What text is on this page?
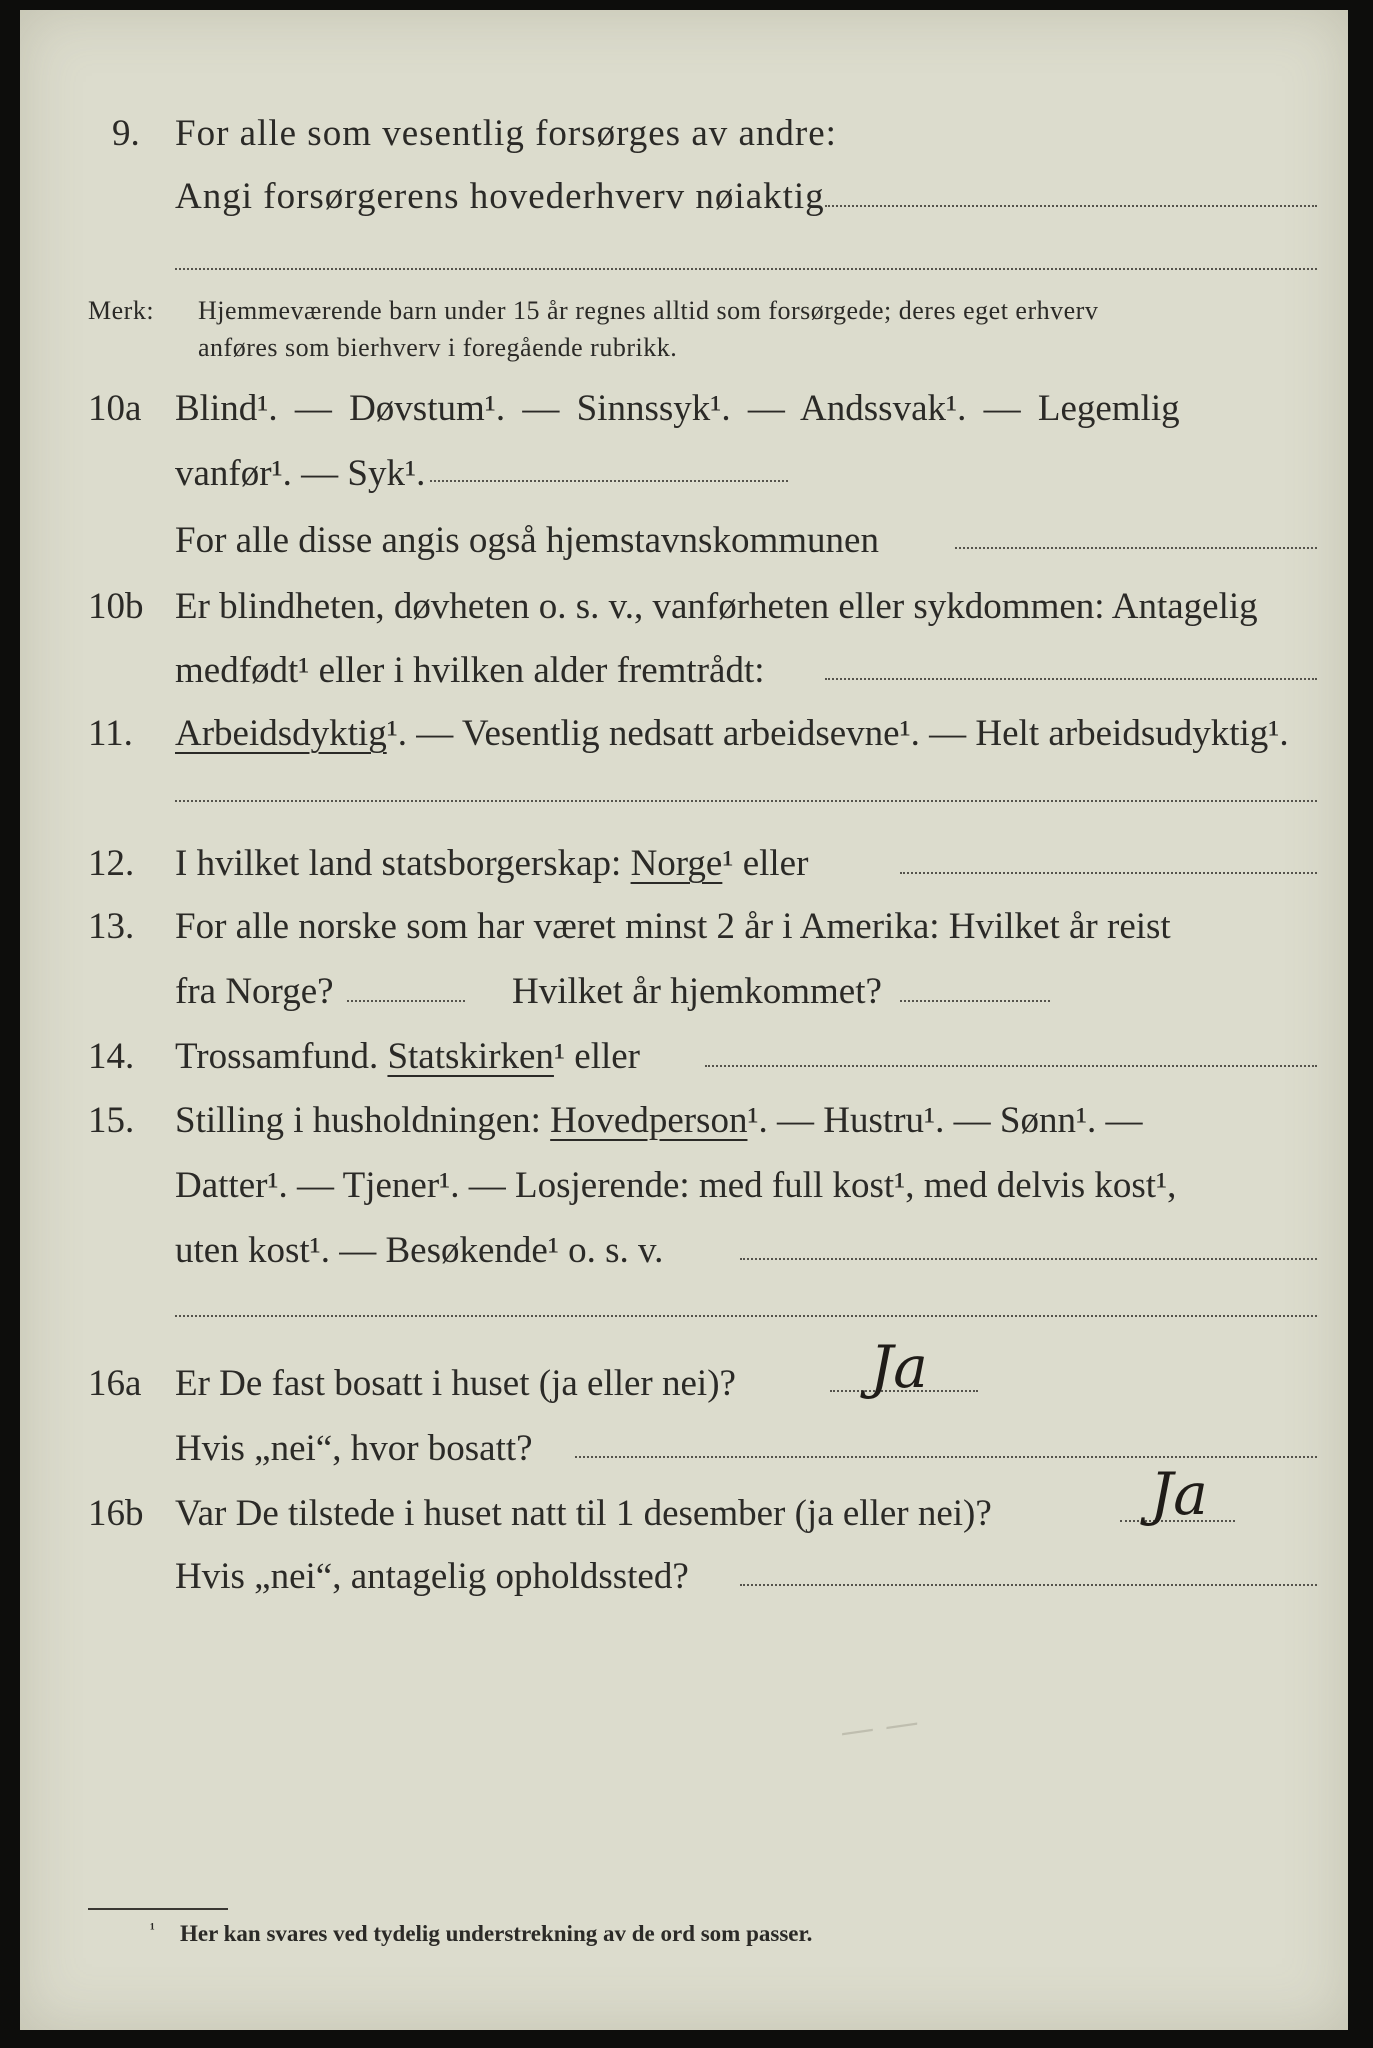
9. For alle som vesentlig forsørges av andre:
Angi forsørgerens hovederhverv nøiaktig
Merk: Hjemmeværende barn under 15 år regnes alltid som forsørgede; deres eget erhverv
anføres som bierhverv i foregående rubrikk.
10a Blind¹. — Døvstum¹. — Sinnssyk¹. — Andssvak¹. — Legemlig
vanfør¹. — Syk¹.
For alle disse angis også hjemstavnskommunen
10b Er blindheten, døvheten o. s. v., vanførheten eller sykdommen: Antagelig
medfødt¹ eller i hvilken alder fremtrådt:
11. Arbeidsdyktig¹. — Vesentlig nedsatt arbeidsevne¹. — Helt arbeidsudyktig¹.
12. I hvilket land statsborgerskap: Norge¹ eller
13. For alle norske som har været minst 2 år i Amerika: Hvilket år reist
fra Norge?	Hvilket år hjemkommet?
14. Trossamfund. Statskirken¹ eller
15. Stilling i husholdningen: Hovedperson¹. — Hustru¹. — Sønn¹. —
Datter¹. — Tjener¹. — Losjerende: med full kost¹, med delvis kost¹,
uten kost¹. — Besøkende¹ o. s. v.
16a Er De fast bosatt i huset (ja eller nei)? Ja
Hvis „nei“, hvor bosatt?
16b Var De tilstede i huset natt til 1 desember (ja eller nei)?	Ja
Hvis „nei“, antagelig opholdssted?
— —
¹ Her kan svares ved tydelig understrekning av de ord som passer.
